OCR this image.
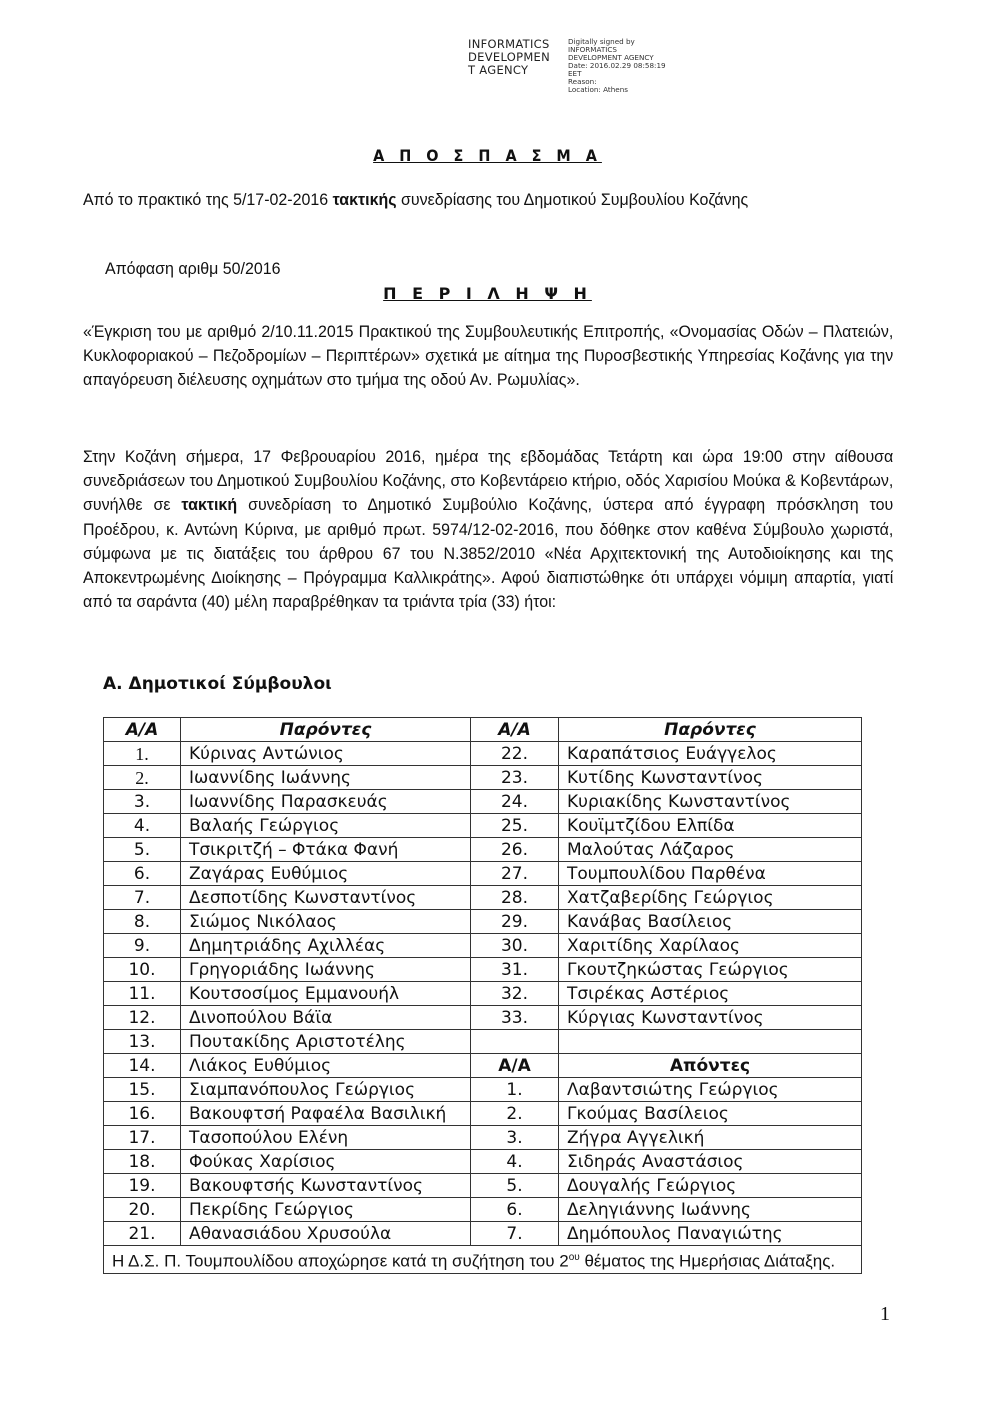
INFORMATICS
DEVELOPMEN
T AGENCY
Digitally signed by
INFORMATICS
DEVELOPMENT AGENCY
Date: 2016.02.29 08:58:19
EET
Reason:
Location: Athens
Α Π Ο Σ Π Α Σ Μ Α
Από το πρακτικό της 5/17-02-2016 τακτικής συνεδρίασης του Δημοτικού Συμβουλίου Κοζάνης
Απόφαση αριθμ 50/2016
Π Ε Ρ Ι Λ Η Ψ Η
«Έγκριση του με αριθμό 2/10.11.2015 Πρακτικού της Συμβουλευτικής Επιτροπής, «Ονομασίας Οδών – Πλατειών, Κυκλοφοριακού – Πεζοδρομίων – Περιπτέρων» σχετικά με αίτημα της Πυροσβεστικής Υπηρεσίας Κοζάνης για την απαγόρευση διέλευσης οχημάτων στο τμήμα της οδού Αν. Ρωμυλίας».
Στην Κοζάνη σήμερα, 17 Φεβρουαρίου 2016, ημέρα της εβδομάδας Τετάρτη και ώρα 19:00 στην αίθουσα συνεδριάσεων του Δημοτικού Συμβουλίου Κοζάνης, στο Κοβεντάρειο κτήριο, οδός Χαρισίου Μούκα & Κοβεντάρων, συνήλθε σε τακτική συνεδρίαση το Δημοτικό Συμβούλιο Κοζάνης, ύστερα από έγγραφη πρόσκληση του Προέδρου, κ. Αντώνη Κύρινα, με αριθμό πρωτ. 5974/12-02-2016, που δόθηκε στον καθένα Σύμβουλο χωριστά, σύμφωνα με τις διατάξεις του άρθρου 67 του Ν.3852/2010 «Νέα Αρχιτεκτονική της Αυτοδιοίκησης και της Αποκεντρωμένης Διοίκησης – Πρόγραμμα Καλλικράτης». Αφού διαπιστώθηκε ότι υπάρχει νόμιμη απαρτία, γιατί από τα σαράντα (40) μέλη παραβρέθηκαν τα τριάντα τρία (33) ήτοι:
Α. Δημοτικοί Σύμβουλοι
Α/Α	Παρόντες	Α/Α	Παρόντες
1.	Κύρινας Αντώνιος	22.	Καραπάτσιος Ευάγγελος
2.	Ιωαννίδης Ιωάννης	23.	Κυτίδης Κωνσταντίνος
3.	Ιωαννίδης Παρασκευάς	24.	Κυριακίδης Κωνσταντίνος
4.	Βαλαής Γεώργιος	25.	Κουϊμτζίδου Ελπίδα
5.	Τσικριτζή – Φτάκα Φανή	26.	Μαλούτας Λάζαρος
6.	Ζαγάρας Ευθύμιος	27.	Τουμπουλίδου Παρθένα
7.	Δεσποτίδης Κωνσταντίνος	28.	Χατζαβερίδης Γεώργιος
8.	Σιώμος Νικόλαος	29.	Κανάβας Βασίλειος
9.	Δημητριάδης Αχιλλέας	30.	Χαριτίδης Χαρίλαος
10.	Γρηγοριάδης Ιωάννης	31.	Γκουτζηκώστας Γεώργιος
11.	Κουτσοσίμος Εμμανουήλ	32.	Τσιρέκας Αστέριος
12.	Δινοπούλου Βάϊα	33.	Κύργιας Κωνσταντίνος
13.	Πουτακίδης Αριστοτέλης		
14.	Λιάκος Ευθύμιος	Α/Α	Απόντες
15.	Σιαμπανόπουλος Γεώργιος	1.	Λαβαντσιώτης Γεώργιος
16.	Βακουφτσή Ραφαέλα Βασιλική	2.	Γκούμας Βασίλειος
17.	Τασοπούλου Ελένη	3.	Ζήγρα Αγγελική
18.	Φούκας Χαρίσιος	4.	Σιδηράς Αναστάσιος
19.	Βακουφτσής Κωνσταντίνος	5.	Δουγαλής Γεώργιος
20.	Πεκρίδης Γεώργιος	6.	Δεληγιάννης Ιωάννης
21.	Αθανασιάδου Χρυσούλα	7.	Δημόπουλος Παναγιώτης
Η Δ.Σ. Π. Τουμπουλίδου αποχώρησε κατά τη συζήτηση του $2^{o\upsilon}$ θέματος της Ημερήσιας Διάταξης.			
1
